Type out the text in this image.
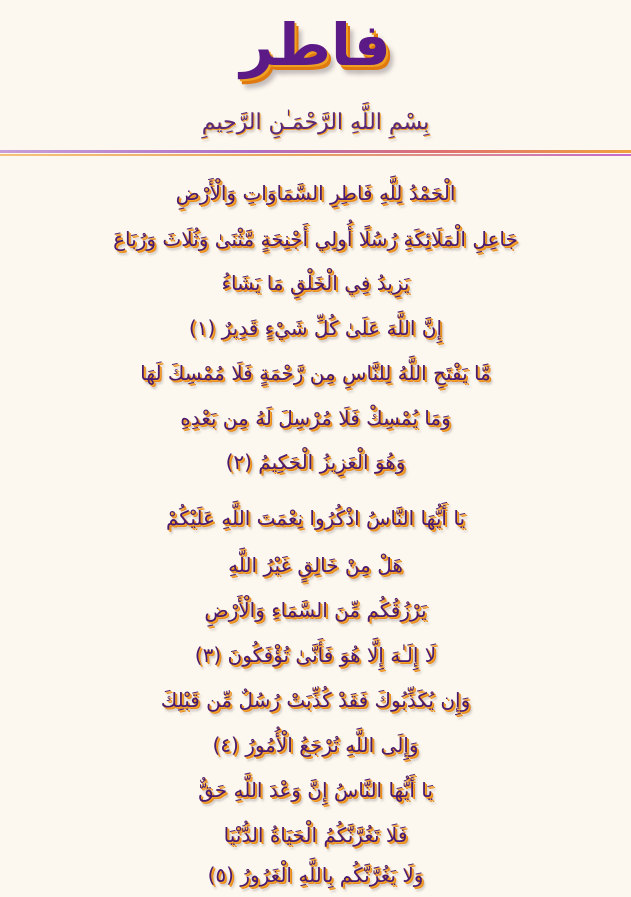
فاطر
بِسْمِ اللَّهِ الرَّحْمَـٰنِ الرَّحِيمِ
الْحَمْدُ لِلَّهِ فَاطِرِ السَّمَاوَاتِ وَالْأَرْضِ
جَاعِلِ الْمَلَائِكَةِ رُسُلًا أُولِي أَجْنِحَةٍ مَّثْنَىٰ وَثُلَاثَ وَرُبَاعَ
يَزِيدُ فِي الْخَلْقِ مَا يَشَاءُ
إِنَّ اللَّهَ عَلَىٰ كُلِّ شَيْءٍ قَدِيرٌ (١)
مَّا يَفْتَحِ اللَّهُ لِلنَّاسِ مِن رَّحْمَةٍ فَلَا مُمْسِكَ لَهَا
وَمَا يُمْسِكْ فَلَا مُرْسِلَ لَهُ مِن بَعْدِهِ
وَهُوَ الْعَزِيزُ الْحَكِيمُ (٢)
يَا أَيُّهَا النَّاسُ اذْكُرُوا نِعْمَتَ اللَّهِ عَلَيْكُمْ
هَلْ مِنْ خَالِقٍ غَيْرُ اللَّهِ
يَرْزُقُكُم مِّنَ السَّمَاءِ وَالْأَرْضِ
لَا إِلَـٰهَ إِلَّا هُوَ فَأَنَّىٰ تُؤْفَكُونَ (٣)
وَإِن يُكَذِّبُوكَ فَقَدْ كُذِّبَتْ رُسُلٌ مِّن قَبْلِكَ
وَإِلَى اللَّهِ تُرْجَعُ الْأُمُورُ (٤)
يَا أَيُّهَا النَّاسُ إِنَّ وَعْدَ اللَّهِ حَقٌّ
فَلَا تَغُرَّنَّكُمُ الْحَيَاةُ الدُّنْيَا
وَلَا يَغُرَّنَّكُم بِاللَّهِ الْغَرُورُ (٥)
